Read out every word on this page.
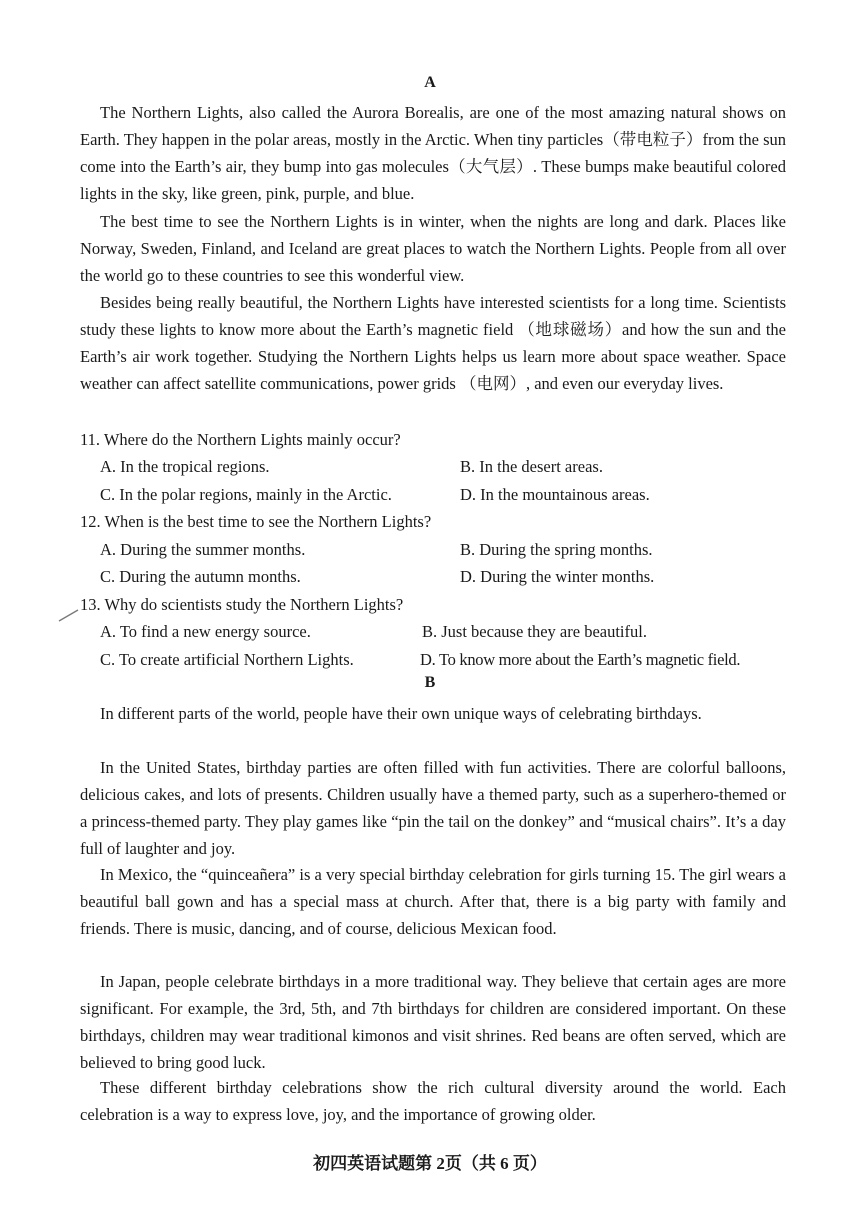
A

The Northern Lights, also called the Aurora Borealis, are one of the most amazing natural shows on Earth. They happen in the polar areas, mostly in the Arctic. When tiny particles（带电粒子）from the sun come into the Earth’s air, they bump into gas molecules（大气层）. These bumps make beautiful colored lights in the sky, like green, pink, purple, and blue.

The best time to see the Northern Lights is in winter, when the nights are long and dark. Places like Norway, Sweden, Finland, and Iceland are great places to watch the Northern Lights. People from all over the world go to these countries to see this wonderful view.

Besides being really beautiful, the Northern Lights have interested scientists for a long time. Scientists study these lights to know more about the Earth’s magnetic field （地球磁场）and how the sun and the Earth’s air work together. Studying the Northern Lights helps us learn more about space weather. Space weather can affect satellite communications, power grids （电网）, and even our everyday lives.

11. Where do the Northern Lights mainly occur?
A. In the tropical regions.	B. In the desert areas.
C. In the polar regions, mainly in the Arctic.	D. In the mountainous areas.
12. When is the best time to see the Northern Lights?
A. During the summer months.	B. During the spring months.
C. During the autumn months.	D. During the winter months.
13. Why do scientists study the Northern Lights?
A. To find a new energy source.	B. Just because they are beautiful.
C. To create artificial Northern Lights.	D. To know more about the Earth’s magnetic field.
B

In different parts of the world, people have their own unique ways of celebrating birthdays.

In the United States, birthday parties are often filled with fun activities. There are colorful balloons, delicious cakes, and lots of presents. Children usually have a themed party, such as a superhero-themed or a princess-themed party. They play games like “pin the tail on the donkey” and “musical chairs”. It’s a day full of laughter and joy.

In Mexico, the “quinceañera” is a very special birthday celebration for girls turning 15. The girl wears a beautiful ball gown and has a special mass at church. After that, there is a big party with family and friends. There is music, dancing, and of course, delicious Mexican food.

In Japan, people celebrate birthdays in a more traditional way. They believe that certain ages are more significant. For example, the 3rd, 5th, and 7th birthdays for children are considered important. On these birthdays, children may wear traditional kimonos and visit shrines. Red beans are often served, which are believed to bring good luck.

These different birthday celebrations show the rich cultural diversity around the world. Each celebration is a way to express love, joy, and the importance of growing older.

初四英语试题第 2页（共 6 页）
